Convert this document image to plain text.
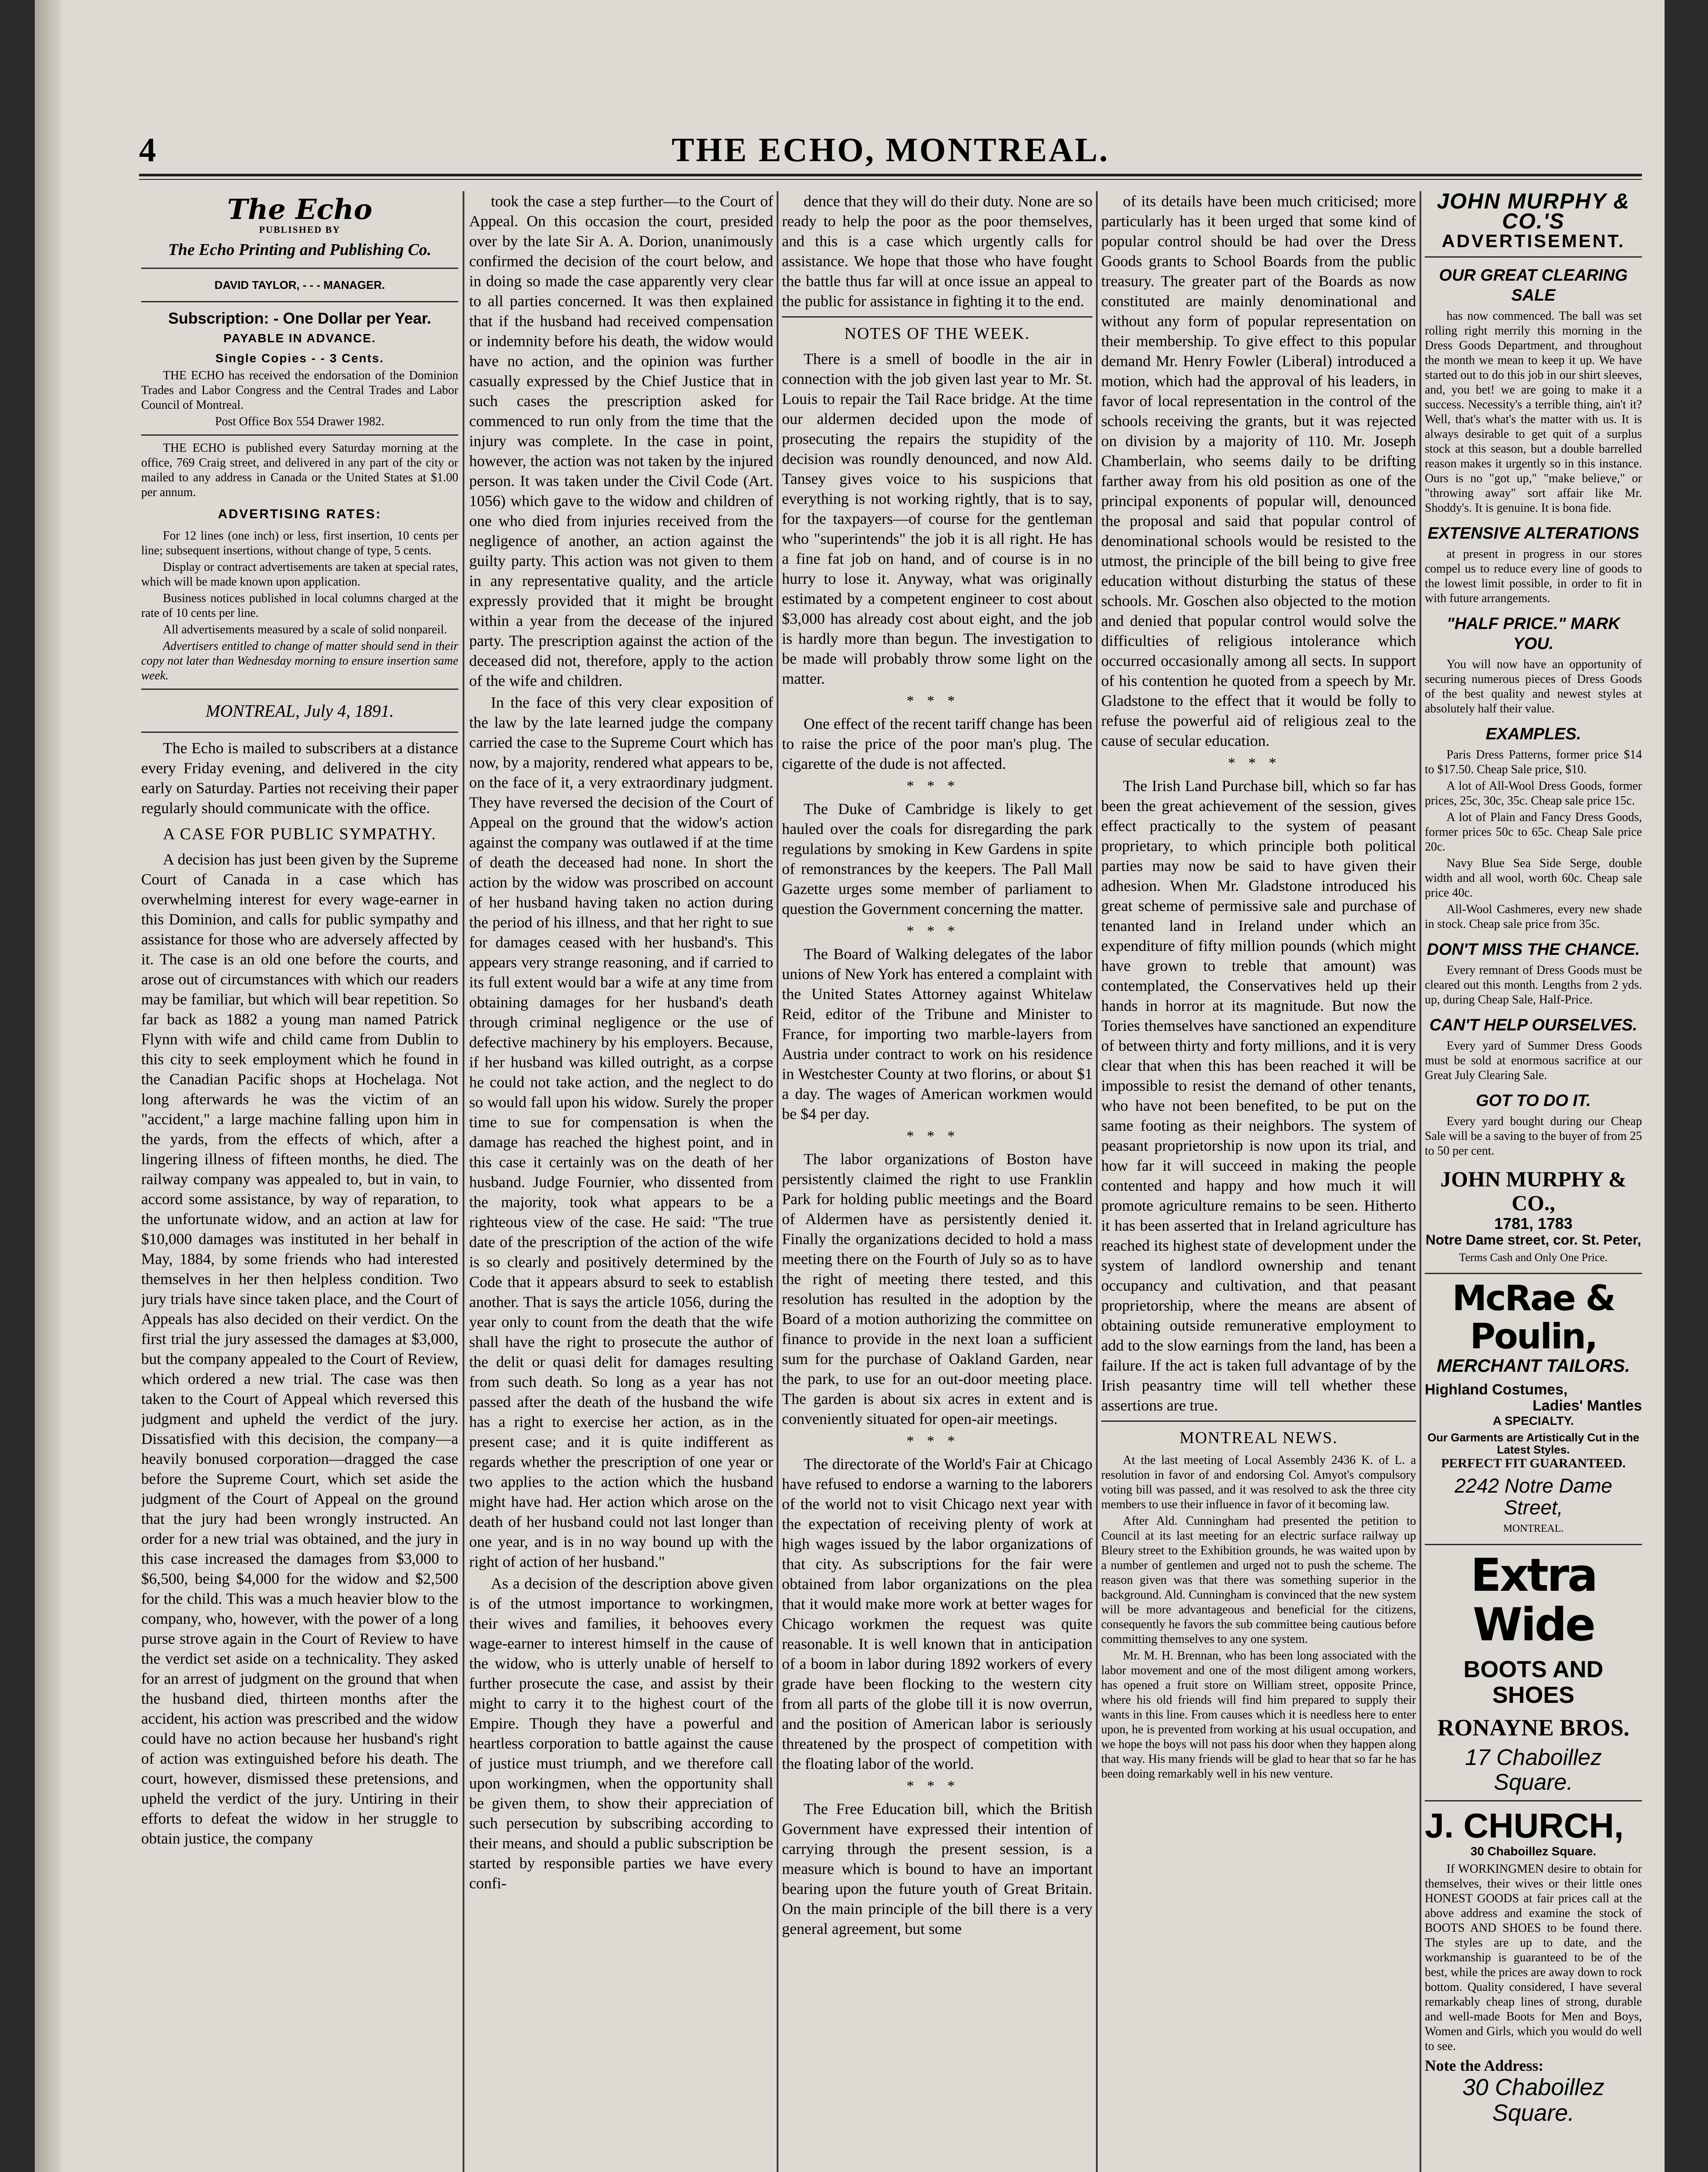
4	THE ECHO, MONTREAL.
The Echo
PUBLISHED BY
The Echo Printing and Publishing Co.
DAVID TAYLOR, - - - MANAGER.
Subscription: - One Dollar per Year.
PAYABLE IN ADVANCE.
Single Copies - - 3 Cents.

THE ECHO has received the endorsation of the Dominion Trades and Labor Congress and the Central Trades and Labor Council of Montreal.

Post Office Box 554 Drawer 1982.

THE ECHO is published every Saturday morning at the office, 769 Craig street, and delivered in any part of the city or mailed to any address in Canada or the United States at $1.00 per annum.

ADVERTISING RATES:

For 12 lines (one inch) or less, first insertion, 10 cents per line; subsequent insertions, without change of type, 5 cents.

Display or contract advertisements are taken at special rates, which will be made known upon application.

Business notices published in local columns charged at the rate of 10 cents per line.

All advertisements measured by a scale of solid nonpareil.

Advertisers entitled to change of matter should send in their copy not later than Wednesday morning to ensure insertion same week.

MONTREAL, July 4, 1891.

The Echo is mailed to subscribers at a distance every Friday evening, and delivered in the city early on Saturday. Parties not receiving their paper regularly should communicate with the office.

A CASE FOR PUBLIC SYMPATHY.

A decision has just been given by the Supreme Court of Canada in a case which has overwhelming interest for every wage-earner in this Dominion, and calls for public sympathy and assistance for those who are adversely affected by it. The case is an old one before the courts, and arose out of circumstances with which our readers may be familiar, but which will bear repetition. So far back as 1882 a young man named Patrick Flynn with wife and child came from Dublin to this city to seek employment which he found in the Canadian Pacific shops at Hochelaga. Not long afterwards he was the victim of an "accident," a large machine falling upon him in the yards, from the effects of which, after a lingering illness of fifteen months, he died. The railway company was appealed to, but in vain, to accord some assistance, by way of reparation, to the unfortunate widow, and an action at law for $10,000 damages was instituted in her behalf in May, 1884, by some friends who had interested themselves in her then helpless condition. Two jury trials have since taken place, and the Court of Appeals has also decided on their verdict. On the first trial the jury assessed the damages at $3,000, but the company appealed to the Court of Review, which ordered a new trial. The case was then taken to the Court of Appeal which reversed this judgment and upheld the verdict of the jury. Dissatisfied with this decision, the company—a heavily bonused corporation—dragged the case before the Supreme Court, which set aside the judgment of the Court of Appeal on the ground that the jury had been wrongly instructed. An order for a new trial was obtained, and the jury in this case increased the damages from $3,000 to $6,500, being $4,000 for the widow and $2,500 for the child. This was a much heavier blow to the company, who, however, with the power of a long purse strove again in the Court of Review to have the verdict set aside on a technicality. They asked for an arrest of judgment on the ground that when the husband died, thirteen months after the accident, his action was prescribed and the widow could have no action because her husband's right of action was extinguished before his death. The court, however, dismissed these pretensions, and upheld the verdict of the jury. Untiring in their efforts to defeat the widow in her struggle to obtain justice, the company

took the case a step further—to the Court of Appeal. On this occasion the court, presided over by the late Sir A. A. Dorion, unanimously confirmed the decision of the court below, and in doing so made the case apparently very clear to all parties concerned. It was then explained that if the husband had received compensation or indemnity before his death, the widow would have no action, and the opinion was further casually expressed by the Chief Justice that in such cases the prescription asked for commenced to run only from the time that the injury was complete. In the case in point, however, the action was not taken by the injured person. It was taken under the Civil Code (Art. 1056) which gave to the widow and children of one who died from injuries received from the negligence of another, an action against the guilty party. This action was not given to them in any representative quality, and the article expressly provided that it might be brought within a year from the decease of the injured party. The prescription against the action of the deceased did not, therefore, apply to the action of the wife and children.

In the face of this very clear exposition of the law by the late learned judge the company carried the case to the Supreme Court which has now, by a majority, rendered what appears to be, on the face of it, a very extraordinary judgment. They have reversed the decision of the Court of Appeal on the ground that the widow's action against the company was outlawed if at the time of death the deceased had none. In short the action by the widow was proscribed on account of her husband having taken no action during the period of his illness, and that her right to sue for damages ceased with her husband's. This appears very strange reasoning, and if carried to its full extent would bar a wife at any time from obtaining damages for her husband's death through criminal negligence or the use of defective machinery by his employers. Because, if her husband was killed outright, as a corpse he could not take action, and the neglect to do so would fall upon his widow. Surely the proper time to sue for compensation is when the damage has reached the highest point, and in this case it certainly was on the death of her husband. Judge Fournier, who dissented from the majority, took what appears to be a righteous view of the case. He said: "The true date of the prescription of the action of the wife is so clearly and positively determined by the Code that it appears absurd to seek to establish another. That is says the article 1056, during the year only to count from the death that the wife shall have the right to prosecute the author of the delit or quasi delit for damages resulting from such death. So long as a year has not passed after the death of the husband the wife has a right to exercise her action, as in the present case; and it is quite indifferent as regards whether the prescription of one year or two applies to the action which the husband might have had. Her action which arose on the death of her husband could not last longer than one year, and is in no way bound up with the right of action of her husband."

As a decision of the description above given is of the utmost importance to workingmen, their wives and families, it behooves every wage-earner to interest himself in the cause of the widow, who is utterly unable of herself to further prosecute the case, and assist by their might to carry it to the highest court of the Empire. Though they have a powerful and heartless corporation to battle against the cause of justice must triumph, and we therefore call upon workingmen, when the opportunity shall be given them, to show their appreciation of such persecution by subscribing according to their means, and should a public subscription be started by responsible parties we have every confi-

dence that they will do their duty. None are so ready to help the poor as the poor themselves, and this is a case which urgently calls for assistance. We hope that those who have fought the battle thus far will at once issue an appeal to the public for assistance in fighting it to the end.

NOTES OF THE WEEK.

There is a smell of boodle in the air in connection with the job given last year to Mr. St. Louis to repair the Tail Race bridge. At the time our aldermen decided upon the mode of prosecuting the repairs the stupidity of the decision was roundly denounced, and now Ald. Tansey gives voice to his suspicions that everything is not working rightly, that is to say, for the taxpayers—of course for the gentleman who "superintends" the job it is all right. He has a fine fat job on hand, and of course is in no hurry to lose it. Anyway, what was originally estimated by a competent engineer to cost about $3,000 has already cost about eight, and the job is hardly more than begun. The investigation to be made will probably throw some light on the matter.

***

One effect of the recent tariff change has been to raise the price of the poor man's plug. The cigarette of the dude is not affected.

***

The Duke of Cambridge is likely to get hauled over the coals for disregarding the park regulations by smoking in Kew Gardens in spite of remonstrances by the keepers. The Pall Mall Gazette urges some member of parliament to question the Government concerning the matter.

***

The Board of Walking delegates of the labor unions of New York has entered a complaint with the United States Attorney against Whitelaw Reid, editor of the Tribune and Minister to France, for importing two marble-layers from Austria under contract to work on his residence in Westchester County at two florins, or about $1 a day. The wages of American workmen would be $4 per day.

***

The labor organizations of Boston have persistently claimed the right to use Franklin Park for holding public meetings and the Board of Aldermen have as persistently denied it. Finally the organizations decided to hold a mass meeting there on the Fourth of July so as to have the right of meeting there tested, and this resolution has resulted in the adoption by the Board of a motion authorizing the committee on finance to provide in the next loan a sufficient sum for the purchase of Oakland Garden, near the park, to use for an out-door meeting place. The garden is about six acres in extent and is conveniently situated for open-air meetings.

***

The directorate of the World's Fair at Chicago have refused to endorse a warning to the laborers of the world not to visit Chicago next year with the expectation of receiving plenty of work at high wages issued by the labor organizations of that city. As subscriptions for the fair were obtained from labor organizations on the plea that it would make more work at better wages for Chicago workmen the request was quite reasonable. It is well known that in anticipation of a boom in labor during 1892 workers of every grade have been flocking to the western city from all parts of the globe till it is now overrun, and the position of American labor is seriously threatened by the prospect of competition with the floating labor of the world.

***

The Free Education bill, which the British Government have expressed their intention of carrying through the present session, is a measure which is bound to have an important bearing upon the future youth of Great Britain. On the main principle of the bill there is a very general agreement, but some

of its details have been much criticised; more particularly has it been urged that some kind of popular control should be had over the Dress Goods grants to School Boards from the public treasury. The greater part of the Boards as now constituted are mainly denominational and without any form of popular representation on their membership. To give effect to this popular demand Mr. Henry Fowler (Liberal) introduced a motion, which had the approval of his leaders, in favor of local representation in the control of the schools receiving the grants, but it was rejected on division by a majority of 110. Mr. Joseph Chamberlain, who seems daily to be drifting farther away from his old position as one of the principal exponents of popular will, denounced the proposal and said that popular control of denominational schools would be resisted to the utmost, the principle of the bill being to give free education without disturbing the status of these schools. Mr. Goschen also objected to the motion and denied that popular control would solve the difficulties of religious intolerance which occurred occasionally among all sects. In support of his contention he quoted from a speech by Mr. Gladstone to the effect that it would be folly to refuse the powerful aid of religious zeal to the cause of secular education.

***

The Irish Land Purchase bill, which so far has been the great achievement of the session, gives effect practically to the system of peasant proprietary, to which principle both political parties may now be said to have given their adhesion. When Mr. Gladstone introduced his great scheme of permissive sale and purchase of tenanted land in Ireland under which an expenditure of fifty million pounds (which might have grown to treble that amount) was contemplated, the Conservatives held up their hands in horror at its magnitude. But now the Tories themselves have sanctioned an expenditure of between thirty and forty millions, and it is very clear that when this has been reached it will be impossible to resist the demand of other tenants, who have not been benefited, to be put on the same footing as their neighbors. The system of peasant proprietorship is now upon its trial, and how far it will succeed in making the people contented and happy and how much it will promote agriculture remains to be seen. Hitherto it has been asserted that in Ireland agriculture has reached its highest state of development under the system of landlord ownership and tenant occupancy and cultivation, and that peasant proprietorship, where the means are absent of obtaining outside remunerative employment to add to the slow earnings from the land, has been a failure. If the act is taken full advantage of by the Irish peasantry time will tell whether these assertions are true.

MONTREAL NEWS.

At the last meeting of Local Assembly 2436 K. of L. a resolution in favor of and endorsing Col. Amyot's compulsory voting bill was passed, and it was resolved to ask the three city members to use their influence in favor of it becoming law.

After Ald. Cunningham had presented the petition to Council at its last meeting for an electric surface railway up Bleury street to the Exhibition grounds, he was waited upon by a number of gentlemen and urged not to push the scheme. The reason given was that there was something superior in the background. Ald. Cunningham is convinced that the new system will be more advantageous and beneficial for the citizens, consequently he favors the sub committee being cautious before committing themselves to any one system.

Mr. M. H. Brennan, who has been long associated with the labor movement and one of the most diligent among workers, has opened a fruit store on William street, opposite Prince, where his old friends will find him prepared to supply their wants in this line. From causes which it is needless here to enter upon, he is prevented from working at his usual occupation, and we hope the boys will not pass his door when they happen along that way. His many friends will be glad to hear that so far he has been doing remarkably well in his new venture.

JOHN MURPHY & CO.'S
ADVERTISEMENT.
OUR GREAT CLEARING SALE

has now commenced. The ball was set rolling right merrily this morning in the Dress Goods Department, and throughout the month we mean to keep it up. We have started out to do this job in our shirt sleeves, and, you bet! we are going to make it a success. Necessity's a terrible thing, ain't it? Well, that's what's the matter with us. It is always desirable to get quit of a surplus stock at this season, but a double barrelled reason makes it urgently so in this instance. Ours is no "got up," "make believe," or "throwing away" sort affair like Mr. Shoddy's. It is genuine. It is bona fide.

EXTENSIVE ALTERATIONS

at present in progress in our stores compel us to reduce every line of goods to the lowest limit possible, in order to fit in with future arrangements.

"HALF PRICE." MARK YOU.

You will now have an opportunity of securing numerous pieces of Dress Goods of the best quality and newest styles at absolutely half their value.

EXAMPLES.

Paris Dress Patterns, former price $14 to $17.50. Cheap Sale price, $10.

A lot of All-Wool Dress Goods, former prices, 25c, 30c, 35c. Cheap sale price 15c.

A lot of Plain and Fancy Dress Goods, former prices 50c to 65c. Cheap Sale price 20c.

Navy Blue Sea Side Serge, double width and all wool, worth 60c. Cheap sale price 40c.

All-Wool Cashmeres, every new shade in stock. Cheap sale price from 35c.

DON'T MISS THE CHANCE.

Every remnant of Dress Goods must be cleared out this month. Lengths from 2 yds. up, during Cheap Sale, Half-Price.

CAN'T HELP OURSELVES.

Every yard of Summer Dress Goods must be sold at enormous sacrifice at our Great July Clearing Sale.

GOT TO DO IT.

Every yard bought during our Cheap Sale will be a saving to the buyer of from 25 to 50 per cent.

JOHN MURPHY & CO.,
1781, 1783
Notre Dame street, cor. St. Peter,
Terms Cash and Only One Price.
McRae & Poulin,
MERCHANT TAILORS.
Highland Costumes,
Ladies' Mantles
A SPECIALTY.
Our Garments are Artistically Cut in the Latest Styles.
PERFECT FIT GUARANTEED.
2242 Notre Dame Street,
MONTREAL.
Extra Wide
BOOTS AND SHOES
RONAYNE BROS.
17 Chaboillez Square.
J. CHURCH,
30 Chaboillez Square.

If WORKINGMEN desire to obtain for themselves, their wives or their little ones HONEST GOODS at fair prices call at the above address and examine the stock of BOOTS AND SHOES to be found there. The styles are up to date, and the workmanship is guaranteed to be of the best, while the prices are away down to rock bottom. Quality considered, I have several remarkably cheap lines of strong, durable and well-made Boots for Men and Boys, Women and Girls, which you would do well to see.

Note the Address:
30 Chaboillez Square.
